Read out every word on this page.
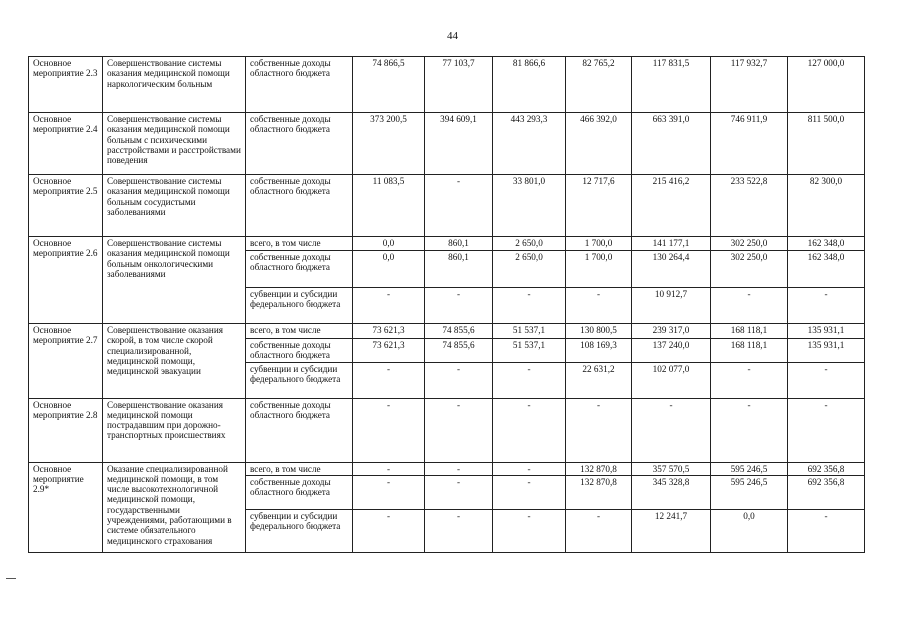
44
Основное мероприятие 2.3	Совершенствование системы оказания медицинской помощи наркологическим больным	собственные доходы областного бюджета	74 866,5	77 103,7	81 866,6	82 765,2	117 831,5	117 932,7	127 000,0
Основное мероприятие 2.4	Совершенствование системы оказания медицинской помощи больным с психическими расстройствами и расстройствами поведения	собственные доходы областного бюджета	373 200,5	394 609,1	443 293,3	466 392,0	663 391,0	746 911,9	811 500,0
Основное мероприятие 2.5	Совершенствование системы оказания медицинской помощи больным сосудистыми заболеваниями	собственные доходы областного бюджета	11 083,5	-	33 801,0	12 717,6	215 416,2	233 522,8	82 300,0
Основное мероприятие 2.6	Совершенствование системы оказания медицинской помощи больным онкологическими заболеваниями	всего, в том числе	0,0	860,1	2 650,0	1 700,0	141 177,1	302 250,0	162 348,0
		собственные доходы областного бюджета	0,0	860,1	2 650,0	1 700,0	130 264,4	302 250,0	162 348,0
		субвенции и субсидии федерального бюджета	-	-	-	-	10 912,7	-	-
Основное мероприятие 2.7	Совершенствование оказания скорой, в том числе скорой специализированной, медицинской помощи, медицинской эвакуации	всего, в том числе	73 621,3	74 855,6	51 537,1	130 800,5	239 317,0	168 118,1	135 931,1
		собственные доходы областного бюджета	73 621,3	74 855,6	51 537,1	108 169,3	137 240,0	168 118,1	135 931,1
		субвенции и субсидии федерального бюджета	-	-	-	22 631,2	102 077,0	-	-
Основное мероприятие 2.8	Совершенствование оказания медицинской помощи пострадавшим при дорожно-транспортных происшествиях	собственные доходы областного бюджета	-	-	-	-	-	-	-
Основное мероприятие 2.9*	Оказание специализированной медицинской помощи, в том числе высокотехнологичной медицинской помощи, государственными учреждениями, работающими в системе обязательного медицинского страхования	всего, в том числе	-	-	-	132 870,8	357 570,5	595 246,5	692 356,8
		собственные доходы областного бюджета	-	-	-	132 870,8	345 328,8	595 246,5	692 356,8
		субвенции и субсидии федерального бюджета	-	-	-	-	12 241,7	0,0	-
